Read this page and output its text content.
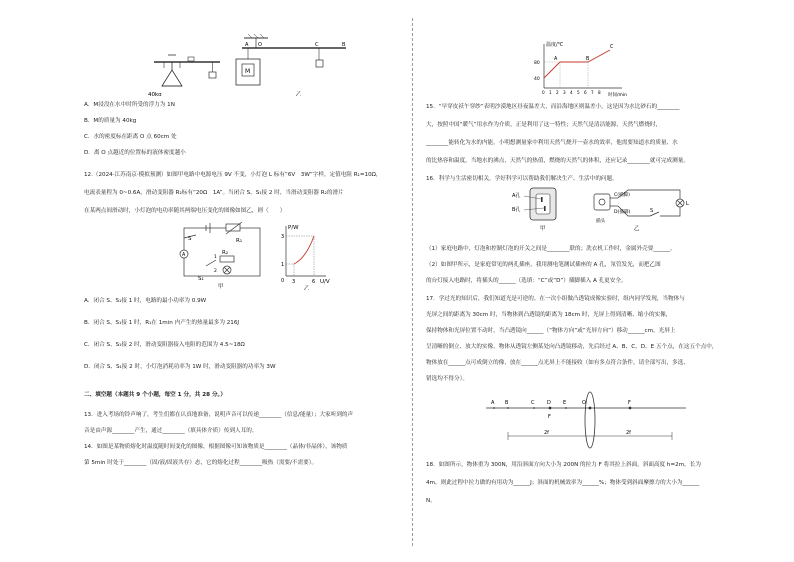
40kg
A O	C	B
M
乙
A．M浸没在水中时所受的浮力为 1N
B．M的质量为 40kg
C．水的密度标在距离 O 点 60cm 处
D．离 O 点越近的位置标的液体密度越小
12.（2024·江苏南京·模拟预测）如图甲电路中电源电压 9V 不变，小灯泡 L 标有“6V　3W”字样，定值电阻 R₁=10Ω，
电流表量程为 0~0.6A，滑动变阻器 R₂标有“20Ω　1A”。当闭合 S、S₁接 2 时，当滑动变阻器 R₂的滑片
在某两点间滑动时，小灯泡的电功率随其两端电压变化的图像如图乙，则（　　）
S	R₁
A	R₂
1
2
S₁
甲
P/W
3
1
0 3	6 U/V
乙
A．闭合 S、S₁接 1 时，电路的最小功率为 0.9W
B．闭合 S、S₁接 1 时，R₁在 1min 内产生的热量最多为 216J
C．闭合 S、S₁接 2 时，滑动变阻器接入电阻的范围为 4.5~18Ω
D．闭合 S、S₁接 2 时，小灯泡消耗功率为 1W 时，滑动变阻器的功率为 3W
二、填空题（本题共 9 个小题，每空 1 分，共 28 分。）
13．进入考场的铃声响了，考生们都在认真地准备，说明声音可以传递________（信息/能量）；大家听到的声
音是由声源________产生，通过________（填具体介质）传到人耳的。
14．如图是某物质熔化时温度随时间变化的图像，根据图像可知该物质是________（晶体/非晶体），该物质
第 5min 时处于________（固/液/固液共存）态，它的熔化过程________吸热（需要/不需要）。
温度/℃
时间/min
A	B
C
80
40
0 1 2 3 4 5 6 7 8
15．“早穿皮袄午穿纱”表明沙漠地区昼夜温差大，而沿海地区则温差小，这是因为水比砂石的________
大，按照中国“暖气”用水作为介质，正是利用了这一特性；天然气是清洁能源，天然气燃烧时，
________能转化为水的内能。小明想测量家中利用天然气烧开一壶水的效率，他需要知道水的质量、水
的比热容和温度，当地水的沸点，天然气的热值，燃烧的天然气的体积，还应记录________就可完成测量。
16．科学与生活密切相关，学好科学可以帮助我们解决生产、生活中的问题。
A孔
B孔
甲
C(插脚)
D(插脚)
插头
S
L
乙
（1）家庭电路中，灯泡和控制灯泡的开关之间是________联的；洗衣机工作时，金属外壳要______。
（2）如图甲所示，是家庭常见的两孔插座，我用测电笔测试插座的 A 孔，氖管发光，而把乙图
的台灯接入电路时，将插头的______（选填：“C”或“D”）插脚插入 A 孔更安全。
17．学过光的知识后，我们知道光是可逆的。在一次小组做凸透镜成像实验时，组内同学发现，当物体与
光屏之间的距离为 30cm 时，当物体到凸透镜的距离为 18cm 时，光屏上得到清晰、缩小的实像，
保持物体和光屏位置不动时，当凸透镜向______（“物体方向”或“光屏方向”）移动______cm，光屏上
呈清晰的倒立、放大的实像。物体从透镜左侧某处向凸透镜移动，先后经过 A、B、C、D、E 五个点，在这五个点中，
物体放在______点可成倒立的像，放在______点光屏上不能接收（如有多点符合条件，请全部写出，多选、
错选均不得分）。
A B	C	D E	O	F
F
2f	2f
18．如图所示，物体重为 300N，用沿斜面方向大小为 200N 的拉力 F 将其拉上斜面，斜面高度 h=2m，长为
4m，则此过程中拉力做的有用功为______J；斜面的机械效率为______%；物体受到斜面摩擦力的大小为______
N。
